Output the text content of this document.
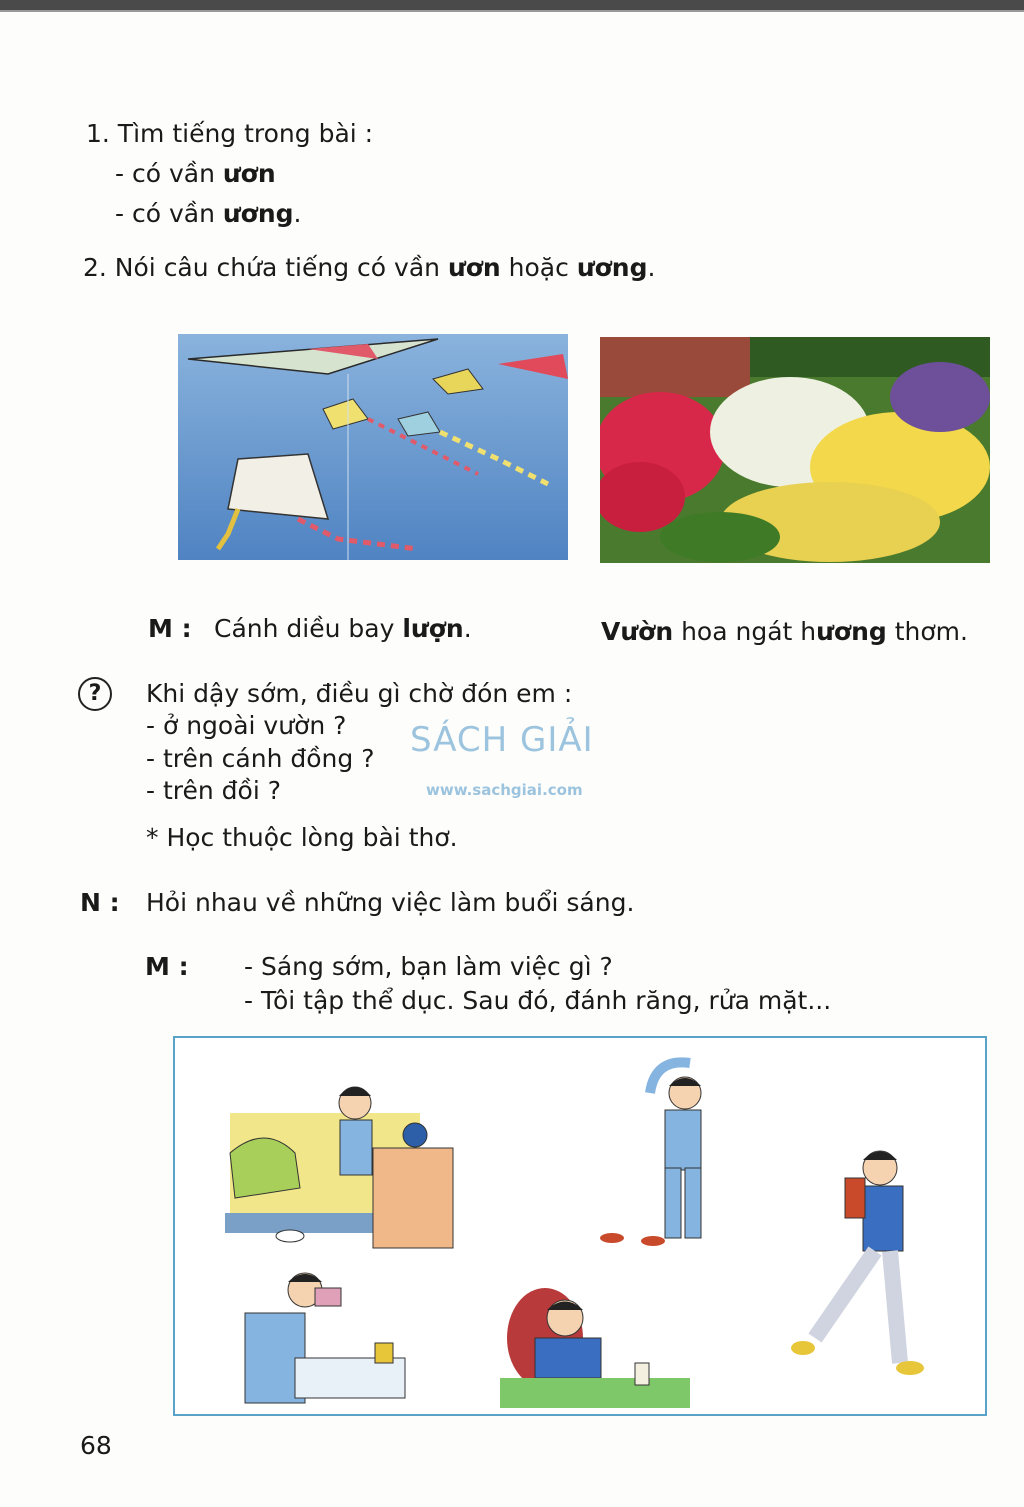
1. Tìm tiếng trong bài :
- có vần ươn
- có vần ương.
2. Nói câu chứa tiếng có vần ươn hoặc ương.
M : Cánh diều bay lượn.	Vườn hoa ngát hương thơm.
?	Khi dậy sớm, điều gì chờ đón em :
- ở ngoài vườn ?
- trên cánh đồng ?
- trên đồi ?
* Học thuộc lòng bài thơ.
SÁCH GIẢI
www.sachgiai.com
N : Hỏi nhau về những việc làm buổi sáng.
M : - Sáng sớm, bạn làm việc gì ?
- Tôi tập thể dục. Sau đó, đánh răng, rửa mặt...
68
